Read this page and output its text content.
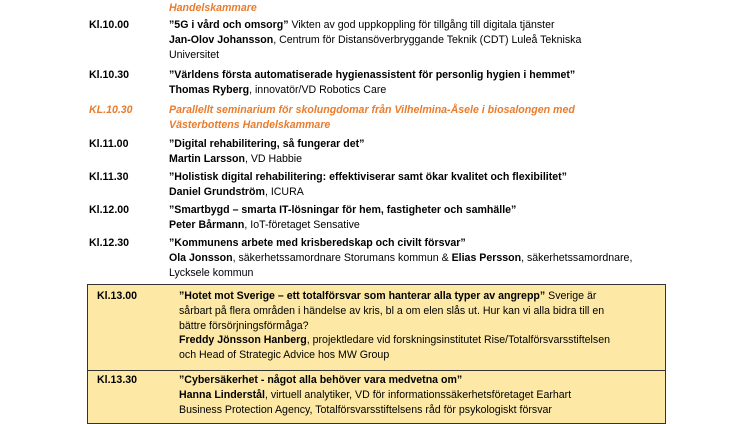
Handelskammare
Kl.10.00	”5G i vård och omsorg” Vikten av god uppkoppling för tillgång till digitala tjänster
Jan-Olov Johansson, Centrum för Distansöverbryggande Teknik (CDT) Luleå Tekniska
Universitet
Kl.10.30	”Världens första automatiserade hygienassistent för personlig hygien i hemmet”
Thomas Ryberg, innovatör/VD Robotics Care
KL.10.30	Parallellt seminarium för skolungdomar från Vilhelmina-Åsele i biosalongen med
Västerbottens Handelskammare
Kl.11.00	”Digital rehabilitering, så fungerar det”
Martin Larsson, VD Habbie
Kl.11.30	”Holistisk digital rehabilitering: effektiviserar samt ökar kvalitet och flexibilitet”
Daniel Grundström, ICURA
Kl.12.00	”Smartbygd – smarta IT-lösningar för hem, fastigheter och samhälle”
Peter Bårmann, IoT-företaget Sensative
Kl.12.30	”Kommunens arbete med krisberedskap och civilt försvar”
Ola Jonsson, säkerhetssamordnare Storumans kommun & Elias Persson, säkerhetssamordnare,
Lycksele kommun
Kl.13.00	”Hotet mot Sverige – ett totalförsvar som hanterar alla typer av angrepp” Sverige är
sårbart på flera områden i händelse av kris, bl a om elen slås ut. Hur kan vi alla bidra till en
bättre försörjningsförmåga?
Freddy Jönsson Hanberg, projektledare vid forskningsinstitutet Rise/Totalförsvarsstiftelsen
och Head of Strategic Advice hos MW Group
Kl.13.30	”Cybersäkerhet - något alla behöver vara medvetna om”
Hanna Linderstål, virtuell analytiker, VD för informationssäkerhetsföretaget Earhart
Business Protection Agency, Totalförsvarsstiftelsens råd för psykologiskt försvar
